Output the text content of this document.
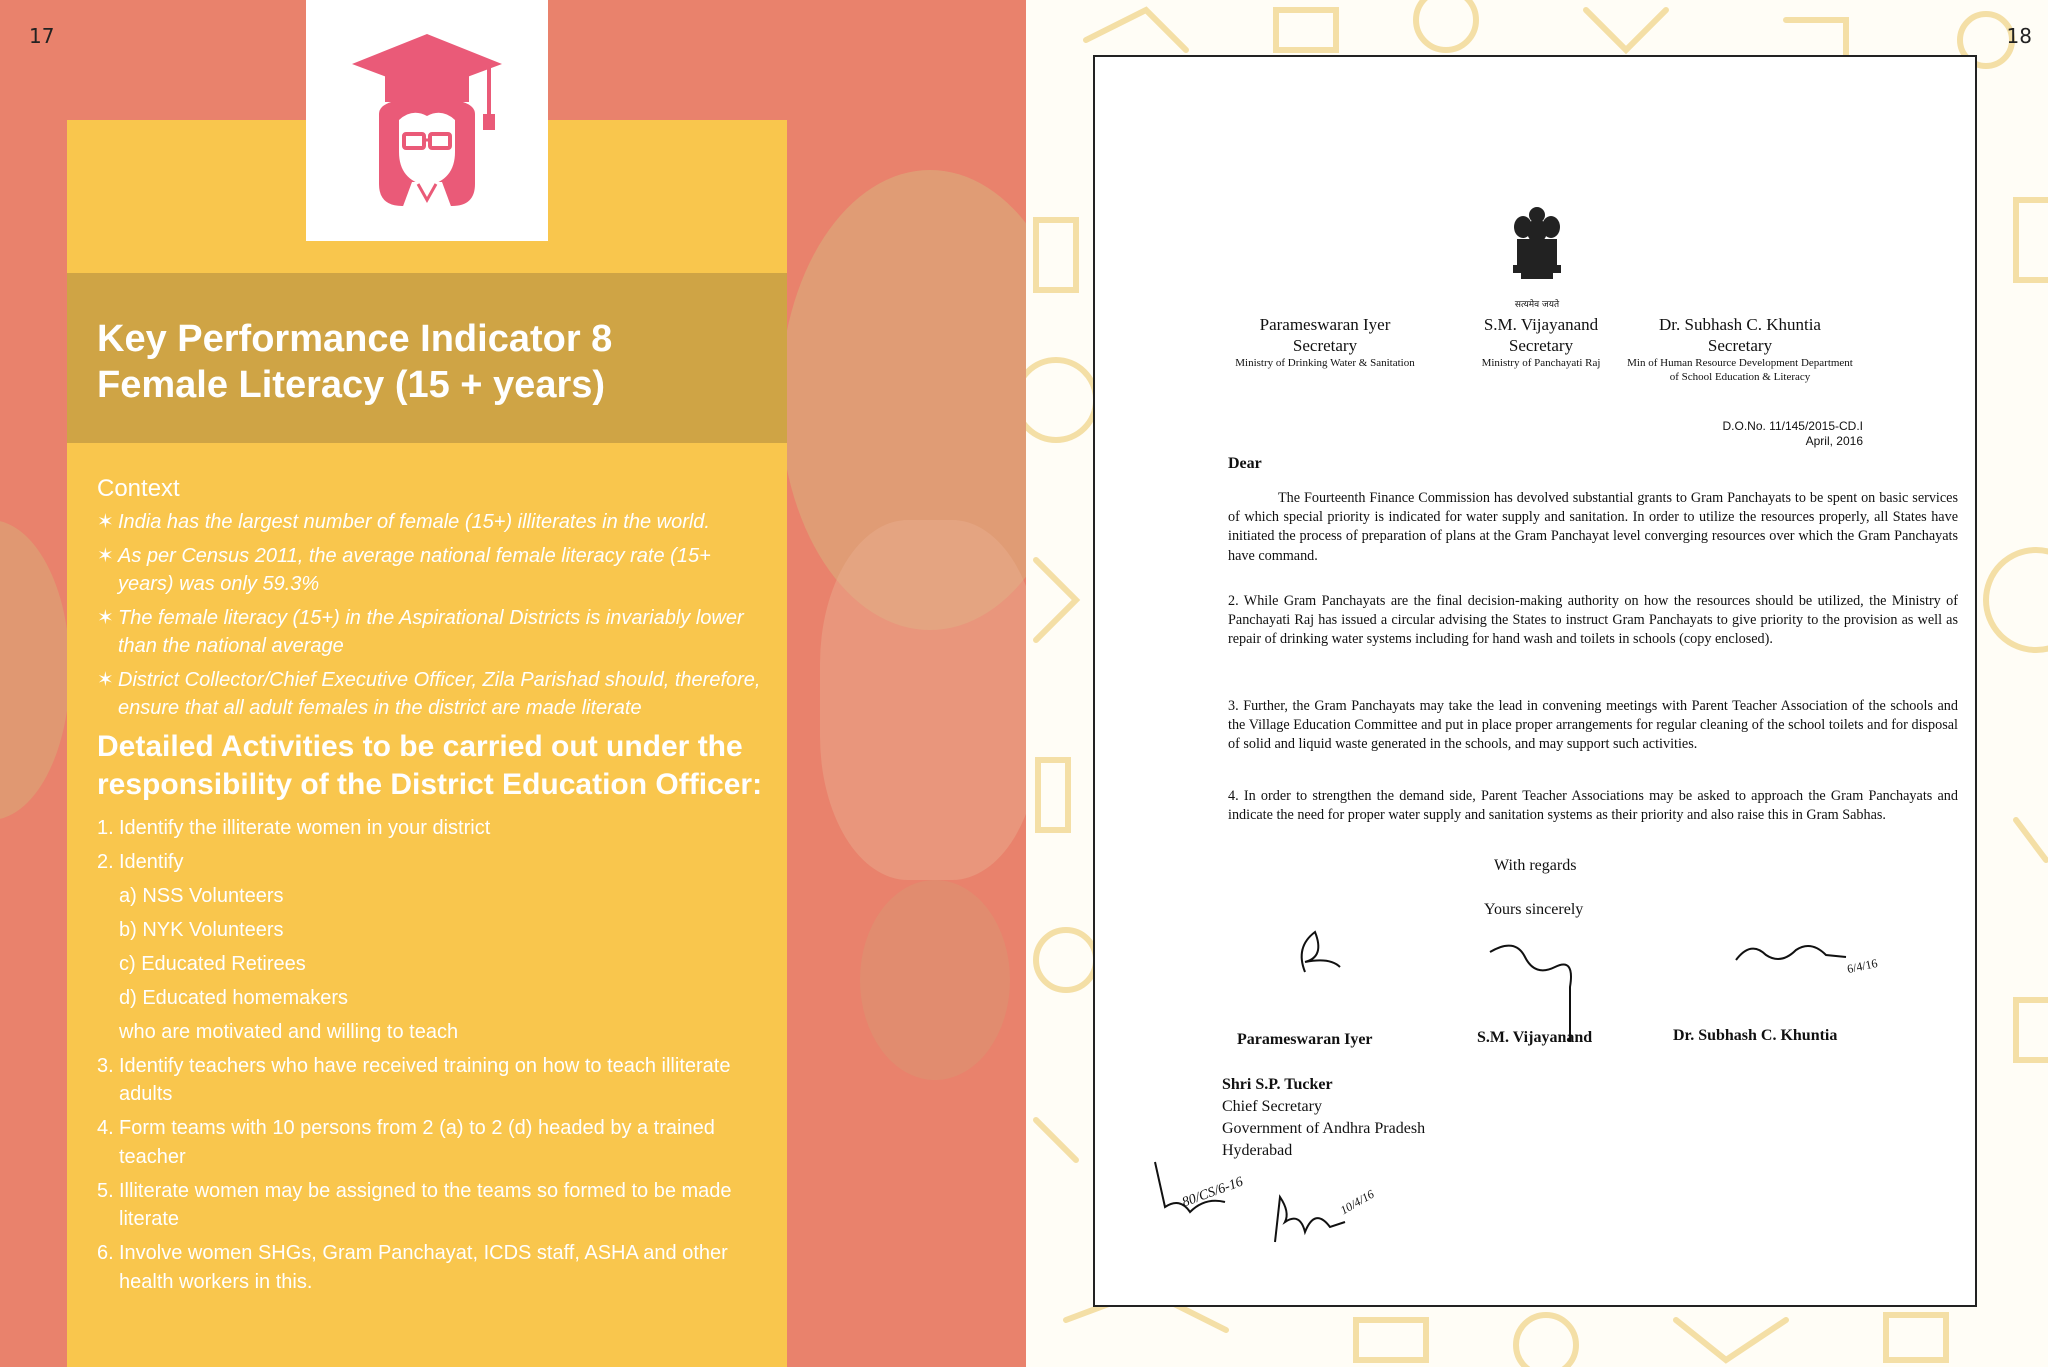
17
Key Performance Indicator 8
Female Literacy (15 + years)
Context
✶ India has the largest number of female (15+) illiterates in the world.
✶ As per Census 2011, the average national female literacy rate (15+ years) was only 59.3%
✶ The female literacy (15+) in the Aspirational Districts is invariably lower than the national average
✶ District Collector/Chief Executive Officer, Zila Parishad should, therefore, ensure that all adult females in the district are made literate
Detailed Activities to be carried out under the responsibility of the District Education Officer:
1. Identify the illiterate women in your district
2. Identify
a) NSS Volunteers
b) NYK Volunteers
c) Educated Retirees
d) Educated homemakers
who are motivated and willing to teach
3. Identify teachers who have received training on how to teach illiterate adults
4. Form teams with 10 persons from 2 (a) to 2 (d) headed by a trained teacher
5. Illiterate women may be assigned to the teams so formed to be made literate
6. Involve women SHGs, Gram Panchayat, ICDS staff, ASHA and other health workers in this.
18
सत्यमेव जयते
Parameswaran Iyer
Secretary
Ministry of Drinking Water & Sanitation
S.M. Vijayanand
Secretary
Ministry of Panchayati Raj
Dr. Subhash C. Khuntia
Secretary
Min of Human Resource Development Department of School Education & Literacy
D.O.No. 11/145/2015-CD.I
April, 2016
Dear

The Fourteenth Finance Commission has devolved substantial grants to Gram Panchayats to be spent on basic services of which special priority is indicated for water supply and sanitation. In order to utilize the resources properly, all States have initiated the process of preparation of plans at the Gram Panchayat level converging resources over which the Gram Panchayats have command.

2. While Gram Panchayats are the final decision-making authority on how the resources should be utilized, the Ministry of Panchayati Raj has issued a circular advising the States to instruct Gram Panchayats to give priority to the provision as well as repair of drinking water systems including for hand wash and toilets in schools (copy enclosed).

3. Further, the Gram Panchayats may take the lead in convening meetings with Parent Teacher Association of the schools and the Village Education Committee and put in place proper arrangements for regular cleaning of the school toilets and for disposal of solid and liquid waste generated in the schools, and may support such activities.

4. In order to strengthen the demand side, Parent Teacher Associations may be asked to approach the Gram Panchayats and indicate the need for proper water supply and sanitation systems as their priority and also raise this in Gram Sabhas.

With regards
Yours sincerely
6/4/16
Parameswaran Iyer	S.M. Vijayanand	Dr. Subhash C. Khuntia
Shri S.P. Tucker
Chief Secretary
Government of Andhra Pradesh
Hyderabad
80/CS/6-16	10/4/16
